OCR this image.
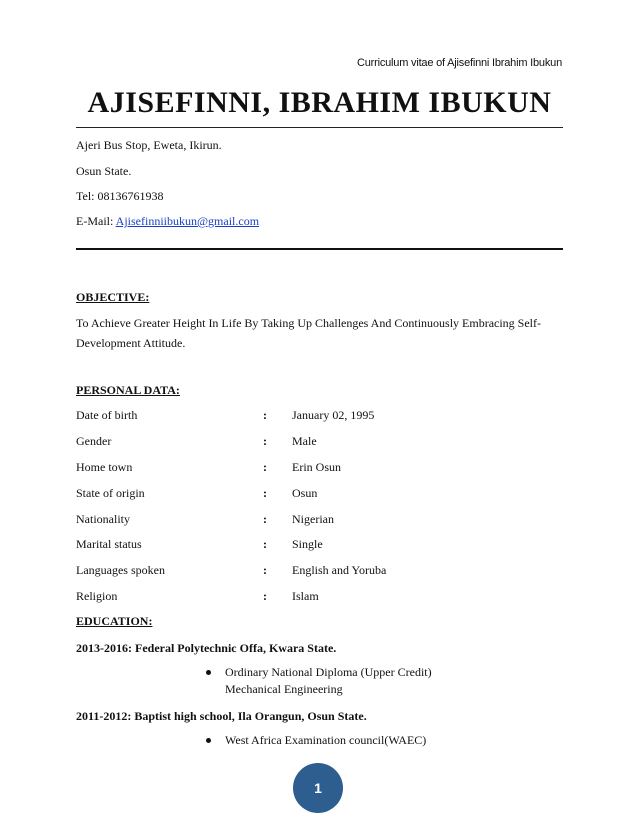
Curriculum vitae of Ajisefinni Ibrahim Ibukun
AJISEFINNI, IBRAHIM IBUKUN
Ajeri Bus Stop, Eweta, Ikirun.
Osun State.
Tel: 08136761938
E-Mail: Ajisefinniibukun@gmail.com
OBJECTIVE:
To Achieve Greater Height In Life By Taking Up Challenges And Continuously Embracing Self-Development Attitude.
PERSONAL DATA:
Date of birth	: January 02, 1995
Gender	: Male
Home town	: Erin Osun
State of origin	: Osun
Nationality	: Nigerian
Marital status	: Single
Languages spoken	: English and Yoruba
Religion	: Islam
EDUCATION:
2013-2016: Federal Polytechnic Offa, Kwara State.
Ordinary National Diploma (Upper Credit)
Mechanical Engineering
2011-2012: Baptist high school, Ila Orangun, Osun State.
West Africa Examination council(WAEC)
1
